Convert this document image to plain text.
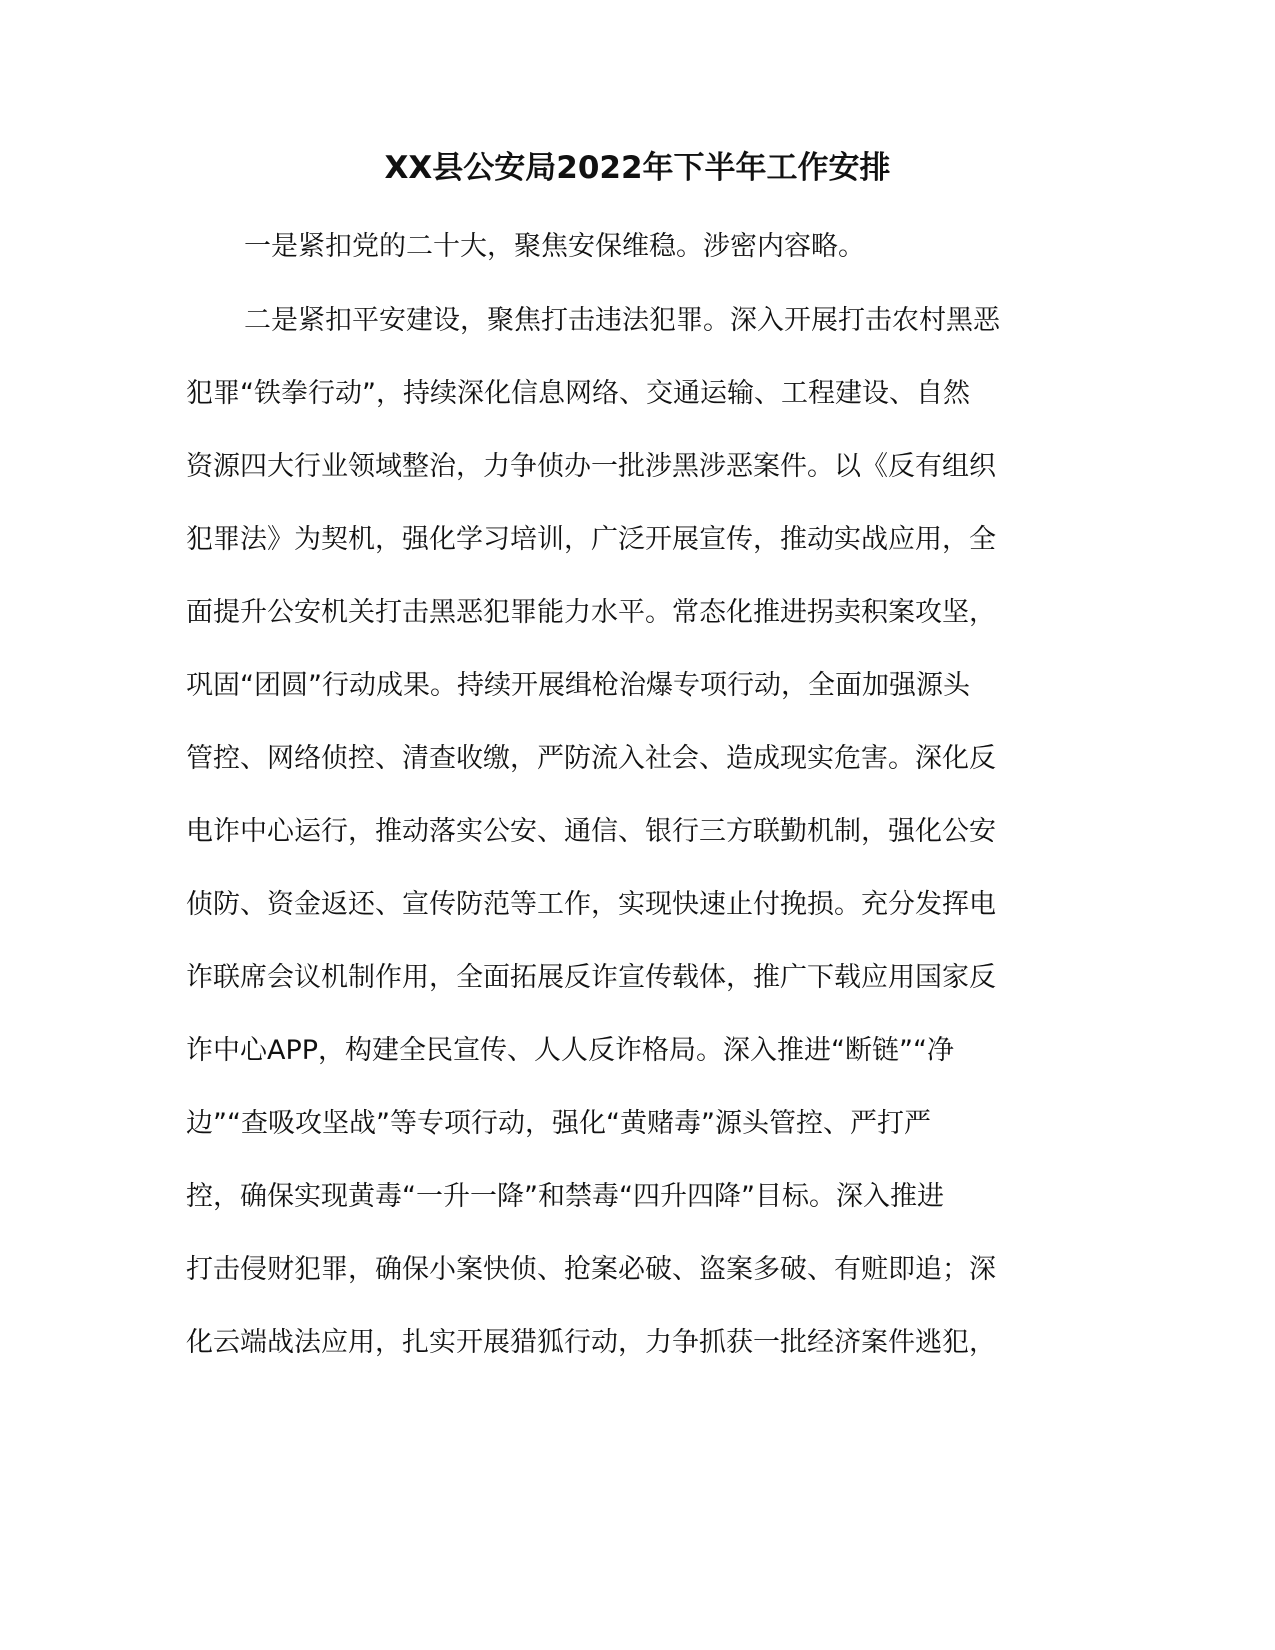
XX县公安局2022年下半年工作安排
一是紧扣党的二十大，聚焦安保维稳。涉密内容略。
二是紧扣平安建设，聚焦打击违法犯罪。深入开展打击农村黑恶
犯罪“铁拳行动”，持续深化信息网络、交通运输、工程建设、自然
资源四大行业领域整治，力争侦办一批涉黑涉恶案件。以《反有组织
犯罪法》为契机，强化学习培训，广泛开展宣传，推动实战应用，全
面提升公安机关打击黑恶犯罪能力水平。常态化推进拐卖积案攻坚，
巩固“团圆”行动成果。持续开展缉枪治爆专项行动，全面加强源头
管控、网络侦控、清查收缴，严防流入社会、造成现实危害。深化反
电诈中心运行，推动落实公安、通信、银行三方联勤机制，强化公安
侦防、资金返还、宣传防范等工作，实现快速止付挽损。充分发挥电
诈联席会议机制作用，全面拓展反诈宣传载体，推广下载应用国家反
诈中心APP，构建全民宣传、人人反诈格局。深入推进“断链”“净
边”“查吸攻坚战”等专项行动，强化“黄赌毒”源头管控、严打严
控，确保实现黄毒“一升一降”和禁毒“四升四降”目标。深入推进
打击侵财犯罪，确保小案快侦、抢案必破、盗案多破、有赃即追；深
化云端战法应用，扎实开展猎狐行动，力争抓获一批经济案件逃犯，
